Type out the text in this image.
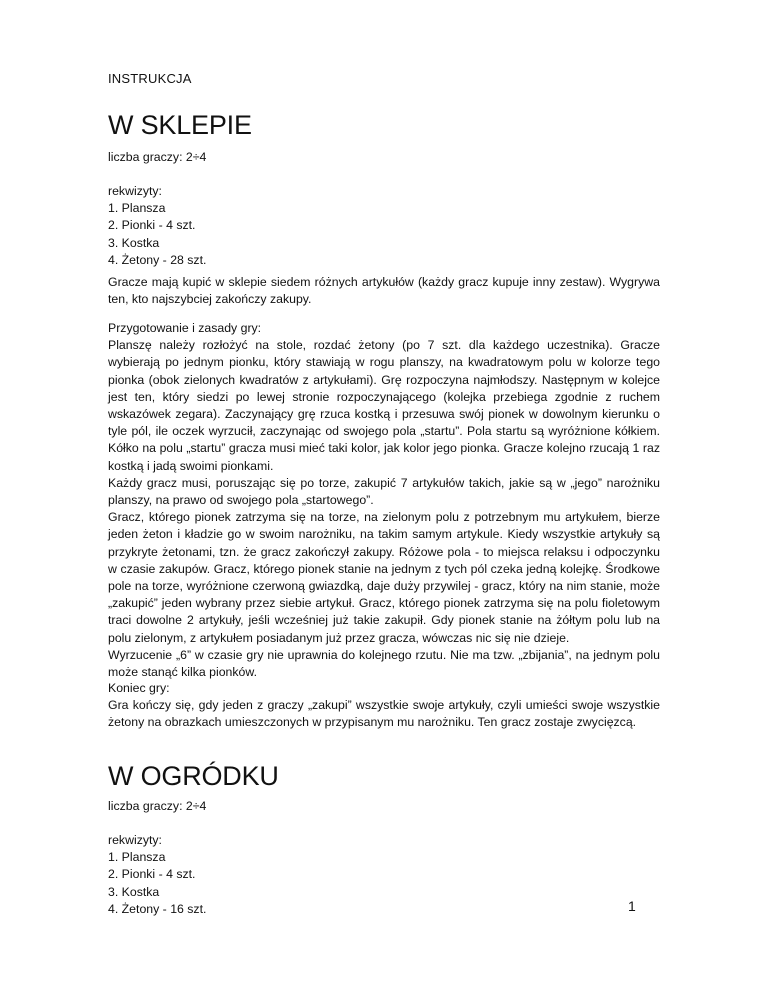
INSTRUKCJA
W SKLEPIE
liczba graczy: 2÷4

rekwizyty:

1. Plansza
2. Pionki - 4 szt.
3. Kostka
4. Żetony - 28 szt.
Gracze mają kupić w sklepie siedem różnych artykułów (każdy gracz kupuje inny zestaw). Wygrywa ten, kto najszybciej zakończy zakupy.

Przygotowanie i zasady gry:

Planszę należy rozłożyć na stole, rozdać żetony (po 7 szt. dla każdego uczestnika). Gracze wybierają po jednym pionku, który stawiają w rogu planszy, na kwadratowym polu w kolorze tego pionka (obok zielonych kwadratów z artykułami). Grę rozpoczyna najmłodszy. Następnym w kolejce jest ten, który siedzi po lewej stronie rozpoczynającego (kolejka przebiega zgodnie z ruchem wskazówek zegara). Zaczynający grę rzuca kostką i przesuwa swój pionek w dowolnym kierunku o tyle pól, ile oczek wyrzucił, zaczynając od swojego pola „startu”. Pola startu są wyróżnione kółkiem. Kółko na polu „startu” gracza musi mieć taki kolor, jak kolor jego pionka. Gracze kolejno rzucają 1 raz kostką i jadą swoimi pionkami.

Każdy gracz musi, poruszając się po torze, zakupić 7 artykułów takich, jakie są w „jego” narożniku planszy, na prawo od swojego pola „startowego”.

Gracz, którego pionek zatrzyma się na torze, na zielonym polu z potrzebnym mu artykułem, bierze jeden żeton i kładzie go w swoim narożniku, na takim samym artykule. Kiedy wszystkie artykuły są przykryte żetonami, tzn. że gracz zakończył zakupy. Różowe pola - to miejsca relaksu i odpoczynku w czasie zakupów. Gracz, którego pionek stanie na jednym z tych pól czeka jedną kolejkę. Środkowe pole na torze, wyróżnione czerwoną gwiazdką, daje duży przywilej - gracz, który na nim stanie, może „zakupić” jeden wybrany przez siebie artykuł. Gracz, którego pionek zatrzyma się na polu fioletowym traci dowolne 2 artykuły, jeśli wcześniej już takie zakupił. Gdy pionek stanie na żółtym polu lub na polu zielonym, z artykułem posiadanym już przez gracza, wówczas nic się nie dzieje.

Wyrzucenie „6” w czasie gry nie uprawnia do kolejnego rzutu. Nie ma tzw. „zbijania”, na jednym polu może stanąć kilka pionków.

Koniec gry:

Gra kończy się, gdy jeden z graczy „zakupi” wszystkie swoje artykuły, czyli umieści swoje wszystkie żetony na obrazkach umieszczonych w przypisanym mu narożniku. Ten gracz zostaje zwycięzcą.

W OGRÓDKU
liczba graczy: 2÷4

rekwizyty:

1. Plansza
2. Pionki - 4 szt.
3. Kostka
4. Żetony - 16 szt.	1
